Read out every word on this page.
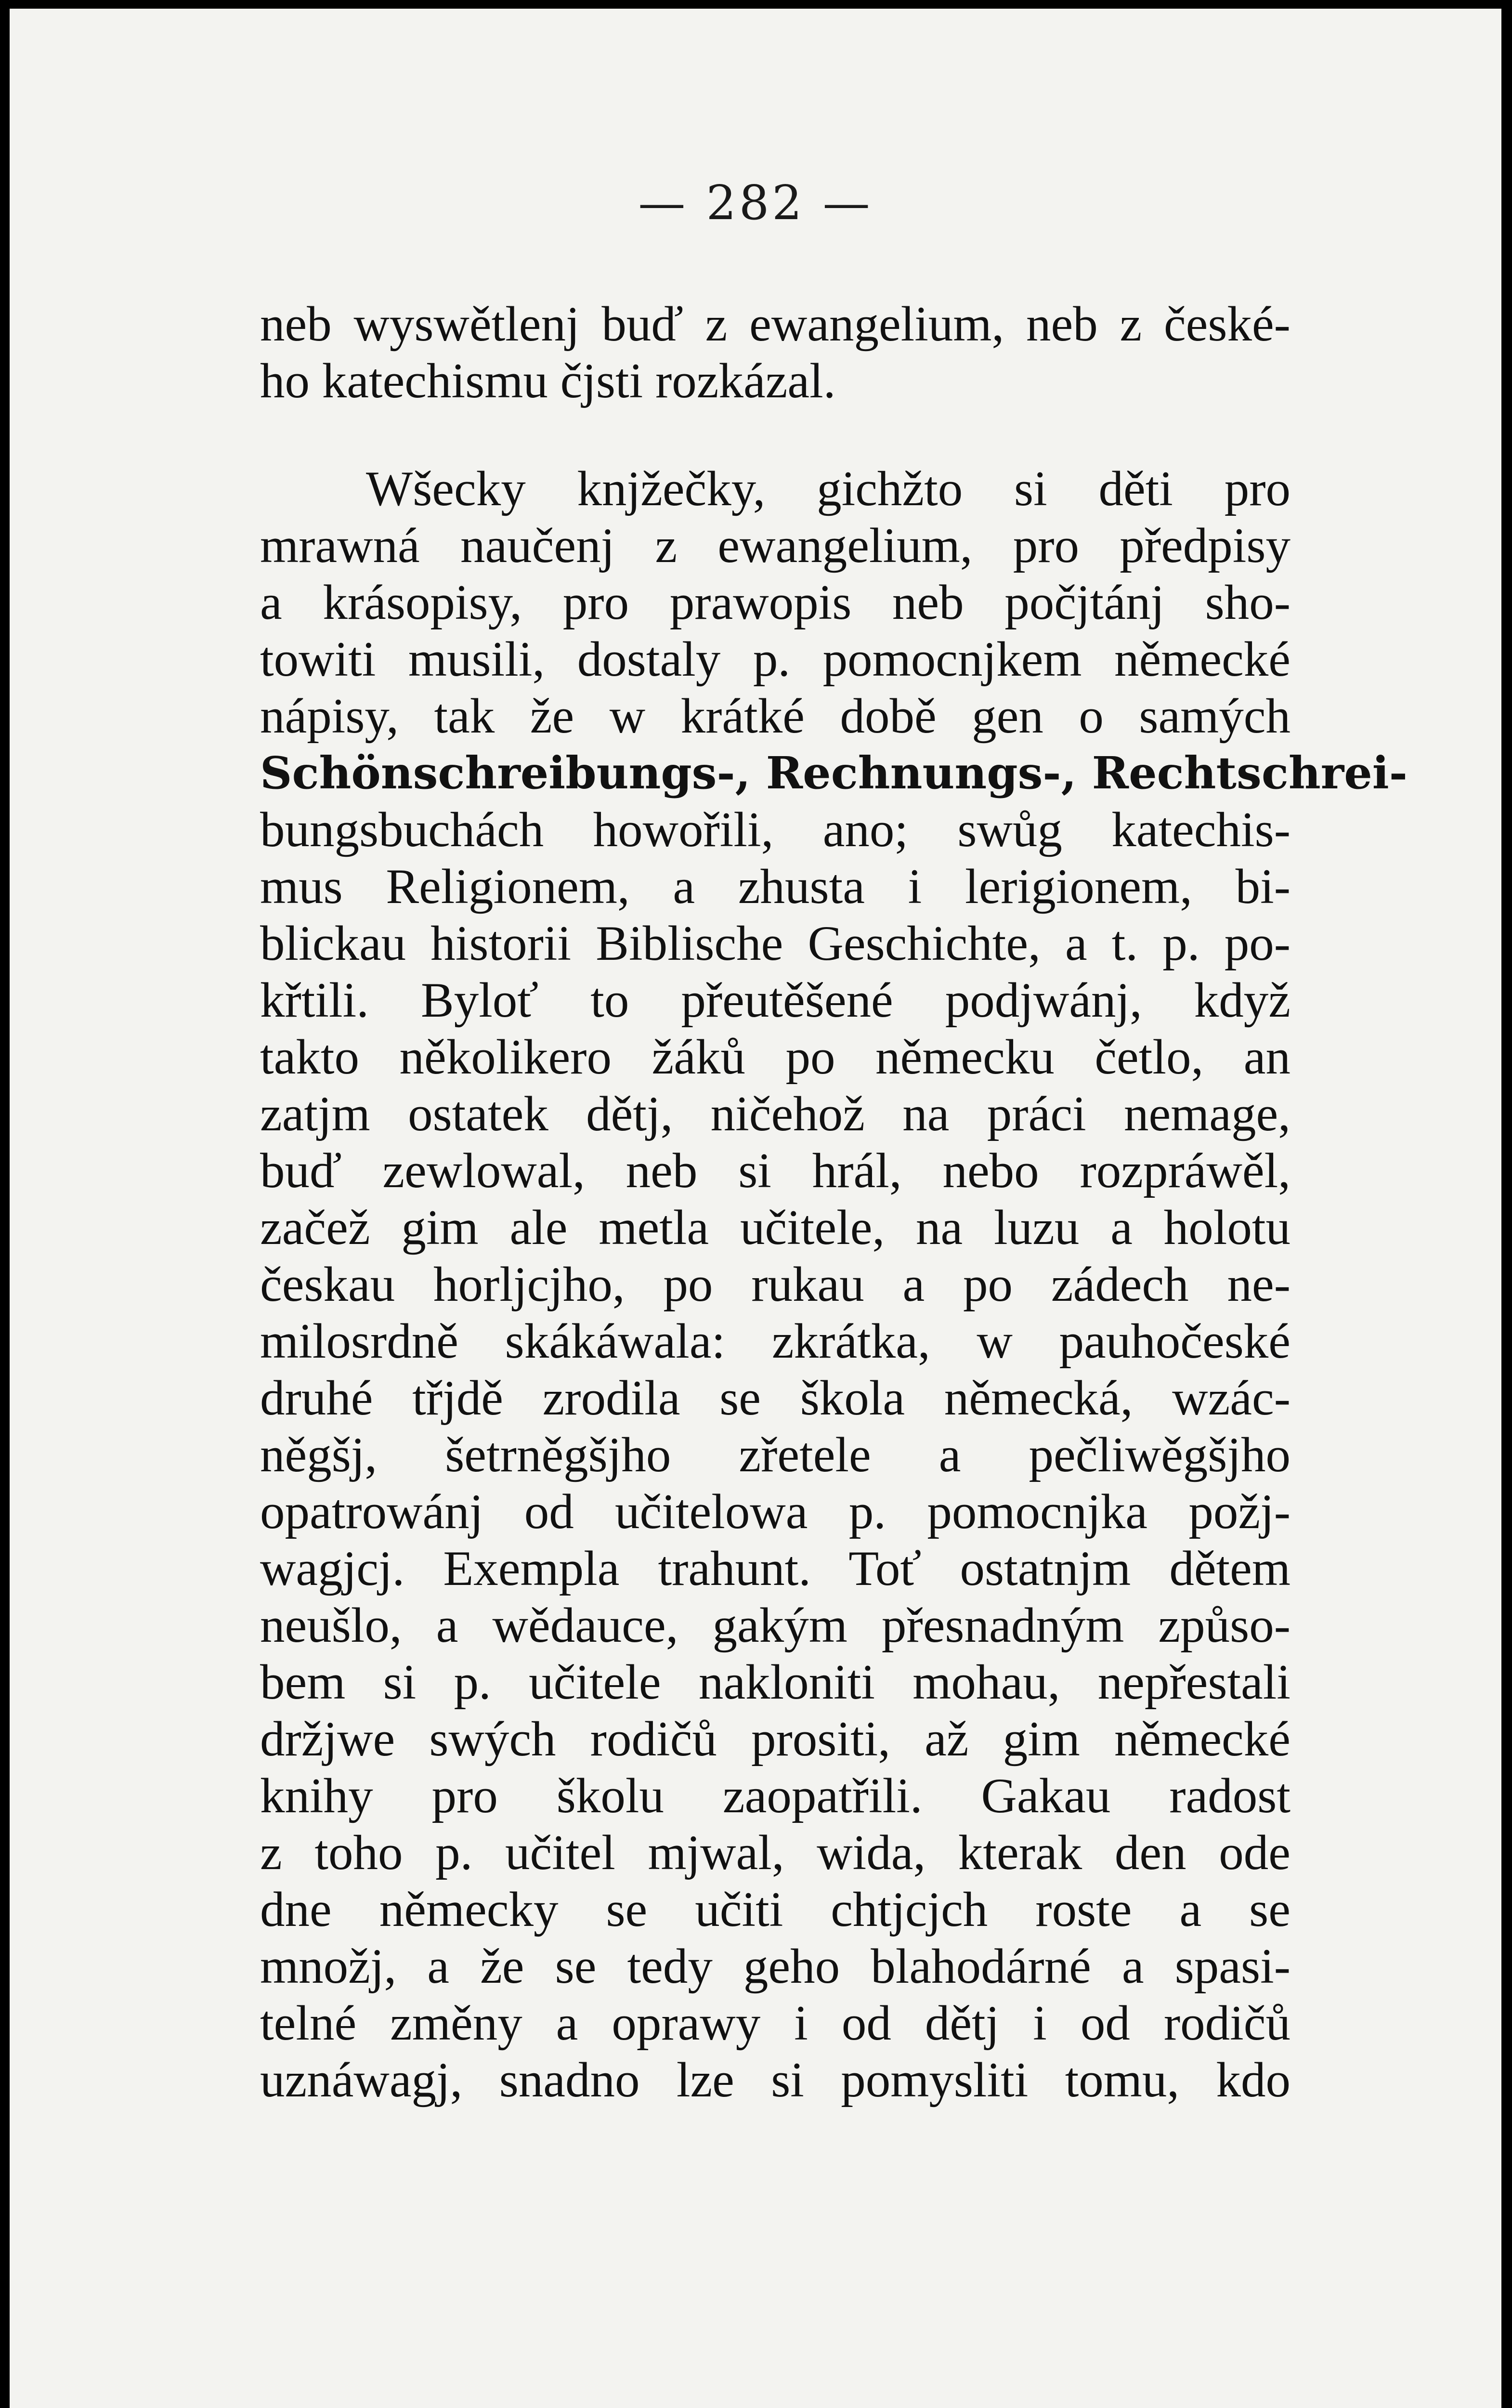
— 282 —
neb wyswětlenj buď z ewangelium, neb z české-
ho katechismu čjsti rozkázal.
Wšecky knjžečky, gichžto si děti pro
mrawná naučenj z ewangelium, pro předpisy
a krásopisy, pro prawopis neb počjtánj sho-
towiti musili, dostaly p. pomocnjkem německé
nápisy, tak že w krátké době gen o samých
Schönschreibungs-, Rechnungs-, Rechtschrei-
bungsbuchách howořili, ano; swůg katechis-
mus Religionem, a zhusta i lerigionem, bi-
blickau historii Biblische Geschichte, a t. p. po-
křtili. Byloť to přeutěšené podjwánj, když
takto několikero žáků po německu četlo, an
zatjm ostatek dětj, ničehož na práci nemage,
buď zewlowal, neb si hrál, nebo rozpráwěl,
začež gim ale metla učitele, na luzu a holotu
českau horljcjho, po rukau a po zádech ne-
milosrdně skákáwala: zkrátka, w pauhočeské
druhé třjdě zrodila se škola německá, wzác-
něgšj, šetrněgšjho zřetele a pečliwěgšjho
opatrowánj od učitelowa p. pomocnjka požj-
wagjcj. Exempla trahunt. Toť ostatnjm dětem
neušlo, a wědauce, gakým přesnadným způso-
bem si p. učitele nakloniti mohau, nepřestali
držjwe swých rodičů prositi, až gim německé
knihy pro školu zaopatřili. Gakau radost
z toho p. učitel mjwal, wida, kterak den ode
dne německy se učiti chtjcjch roste a se
množj, a že se tedy geho blahodárné a spasi-
telné změny a oprawy i od dětj i od rodičů
uznáwagj, snadno lze si pomysliti tomu, kdo
